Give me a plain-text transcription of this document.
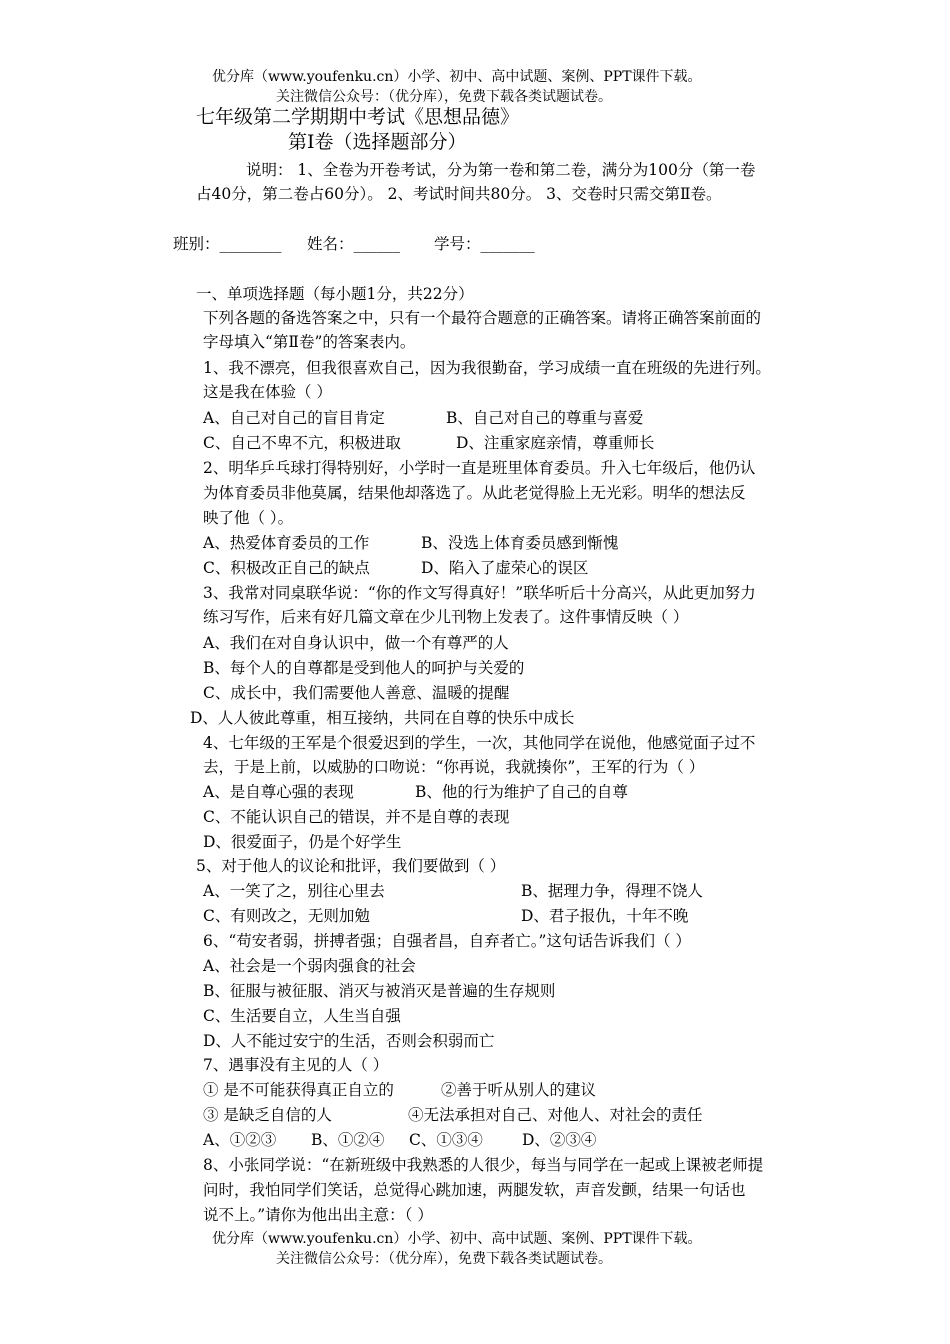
优分库（www.youfenku.cn）小学、初中、高中试题、案例、PPT课件下载。
关注微信公众号：（优分库），免费下载各类试题试卷。
七年级第二学期期中考试《思想品德》
第Ⅰ卷（选择题部分）
说明： 1、全卷为开卷考试，分为第一卷和第二卷，满分为100分（第一卷
占40分，第二卷占60分）。 2、考试时间共80分。 3、交卷时只需交第Ⅱ卷。
班别：________ 姓名：______ 学号：_______
一、单项选择题（每小题1分，共22分）
下列各题的备选答案之中，只有一个最符合题意的正确答案。请将正确答案前面的
字母填入“第Ⅱ卷”的答案表内。
1、我不漂亮，但我很喜欢自己，因为我很勤奋，学习成绩一直在班级的先进行列。
这是我在体验（ ）
A、自己对自己的盲目肯定	B、自己对自己的尊重与喜爱
C、自己不卑不亢，积极进取	D、注重家庭亲情，尊重师长
2、明华乒乓球打得特别好，小学时一直是班里体育委员。升入七年级后，他仍认
为体育委员非他莫属，结果他却落选了。从此老觉得脸上无光彩。明华的想法反
映了他（ ）。
A、热爱体育委员的工作	B、没选上体育委员感到惭愧
C、积极改正自己的缺点	D、陷入了虚荣心的误区
3、我常对同桌联华说：“你的作文写得真好！”联华听后十分高兴，从此更加努力
练习写作，后来有好几篇文章在少儿刊物上发表了。这件事情反映（ ）
A、我们在对自身认识中，做一个有尊严的人
B、每个人的自尊都是受到他人的呵护与关爱的
C、成长中，我们需要他人善意、温暖的提醒
D、人人彼此尊重，相互接纳，共同在自尊的快乐中成长
4、七年级的王军是个很爱迟到的学生，一次，其他同学在说他，他感觉面子过不
去，于是上前，以威胁的口吻说：“你再说，我就揍你”，王军的行为（ ）
A、是自尊心强的表现	B、他的行为维护了自己的自尊
C、不能认识自己的错误，并不是自尊的表现
D、很爱面子，仍是个好学生
5、对于他人的议论和批评，我们要做到（ ）
A、一笑了之，别往心里去	B、据理力争，得理不饶人
C、有则改之，无则加勉	D、君子报仇，十年不晚
6、“苟安者弱，拼搏者强；自强者昌，自弃者亡。”这句话告诉我们（ ）
A、社会是一个弱肉强食的社会
B、征服与被征服、消灭与被消灭是普遍的生存规则
C、生活要自立，人生当自强
D、人不能过安宁的生活，否则会积弱而亡
7、遇事没有主见的人（ ）
① 是不可能获得真正自立的	②善于听从别人的建议
③ 是缺乏自信的人	④无法承担对自己、对他人、对社会的责任
A、①②③ B、①②④ C、①③④	D、②③④
8、小张同学说：“在新班级中我熟悉的人很少，每当与同学在一起或上课被老师提
问时，我怕同学们笑话，总觉得心跳加速，两腿发软，声音发颤，结果一句话也
说不上。”请你为他出出主意：（ ）
优分库（www.youfenku.cn）小学、初中、高中试题、案例、PPT课件下载。
关注微信公众号：（优分库），免费下载各类试题试卷。
